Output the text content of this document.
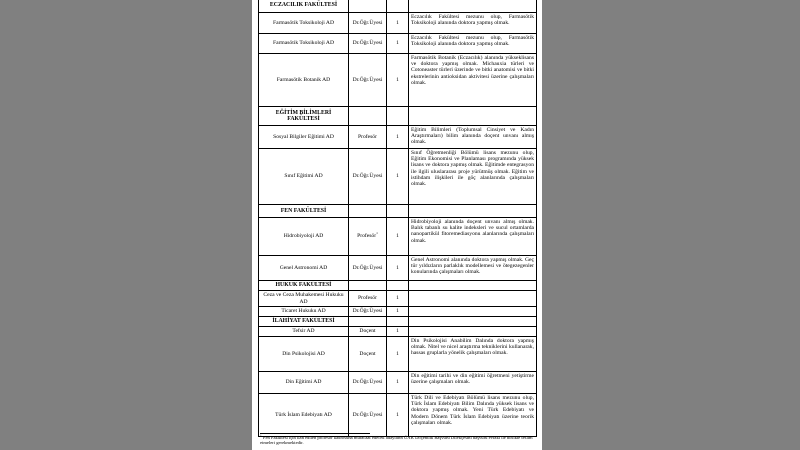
ECZACILIK FAKÜLTESİ			
Farmasötik Toksikoloji AD	Dr.Öğr.Üyesi	1	Eczacılık Fakültesi mezunu olup, Farmasötik Toksikoloji alanında doktora yapmış olmak.
Farmasötik Toksikoloji AD	Dr.Öğr.Üyesi	1	Eczacılık Fakültesi mezunu olup, Farmasötik Toksikoloji alanında doktora yapmış olmak.
Farmasötik Botanik AD	Dr.Öğr.Üyesi	1	Farmasötik Botanik (Eczacılık) alanında yükseklisans ve doktora yapmış olmak. Michauxia türleri ve Cotoneaster türleri üzerinde ve bitki anatomisi ve bitki ekstrelerinin antioksidan aktivitesi üzerine çalışmaları olmak.
EĞİTİM BİLİMLERİ FAKÜLTESİ			
Sosyal Bilgiler Eğitimi AD	Profesör	1	Eğitim Bilimleri (Toplumsal Cinsiyet ve Kadın Araştırmaları) bilim alanında doçent unvanı almış olmak.
Sınıf Eğitimi AD	Dr.Öğr.Üyesi	1	Sınıf Öğretmenliği Bölümü lisans mezunu olup, Eğitim Ekonomisi ve Planlaması programında yüksek lisans ve doktora yapmış olmak. Eğitimde entegrasyon ile ilgili uluslararası proje yürütmüş olmak. Eğitim ve istihdam ilişkileri ile göç alanlarında çalışmaları olmak.
FEN FAKÜLTESİ			
Hidrobiyoloji AD	Profesör$^1$	1	Hidrobiyoloji alanında doçent unvanı almış olmak. Balık tabanlı su kalite indeksleri ve sucul ortamlarda nanopartikül fitoremediasyonu alanlarında çalışmaları olmak.
Genel Astronomi AD	Dr.Öğr.Üyesi	1	Genel Astronomi alanında doktora yapmış olmak. Geç tür yıldızların parlaklık modellemesi ve ötegezegenler konularında çalışmaları olmak.
HUKUK FAKÜLTESİ			
Ceza ve Ceza Muhakemesi Hukuku AD	Profesör	1	
Ticaret Hukuku AD	Dr.Öğr.Üyesi	1	
İLAHİYAT FAKÜLTESİ			
Tefsir AD	Doçent	1	
Din Psikolojisi AD	Doçent	1	Din Psikolojisi Anabilim Dalında doktora yapmış olmak. Nitel ve nicel araştırma tekniklerini kullanarak, hassas gruplarla yönelik çalışmaları olmak.
Din Eğitimi AD	Dr.Öğr.Üyesi	1	Din eğitimi tarihi ve din eğitimi öğretmeni yetiştirme üzerine çalışmaları olmak.
Türk İslam Edebiyatı AD	Dr.Öğr.Üyesi	1	Türk Dili ve Edebiyatı Bölümü lisans mezunu olup, Türk İslam Edebiyatı Bilim Dalında yüksek lisans ve doktora yapmış olmak. Yeni Türk Edebiyatı ve Modern Dönem Türk İslam Edebiyatı üzerine teorik çalışmaları olmak.
$^1$ Fen Fakültesi için ilan edilen profesör kadrosuna müracaat edecek adayların ÜAK Doçentlik Başvuru Dilekçesini başvuru evrakı ile birlikte teslim etmeleri gerekmektedir.
